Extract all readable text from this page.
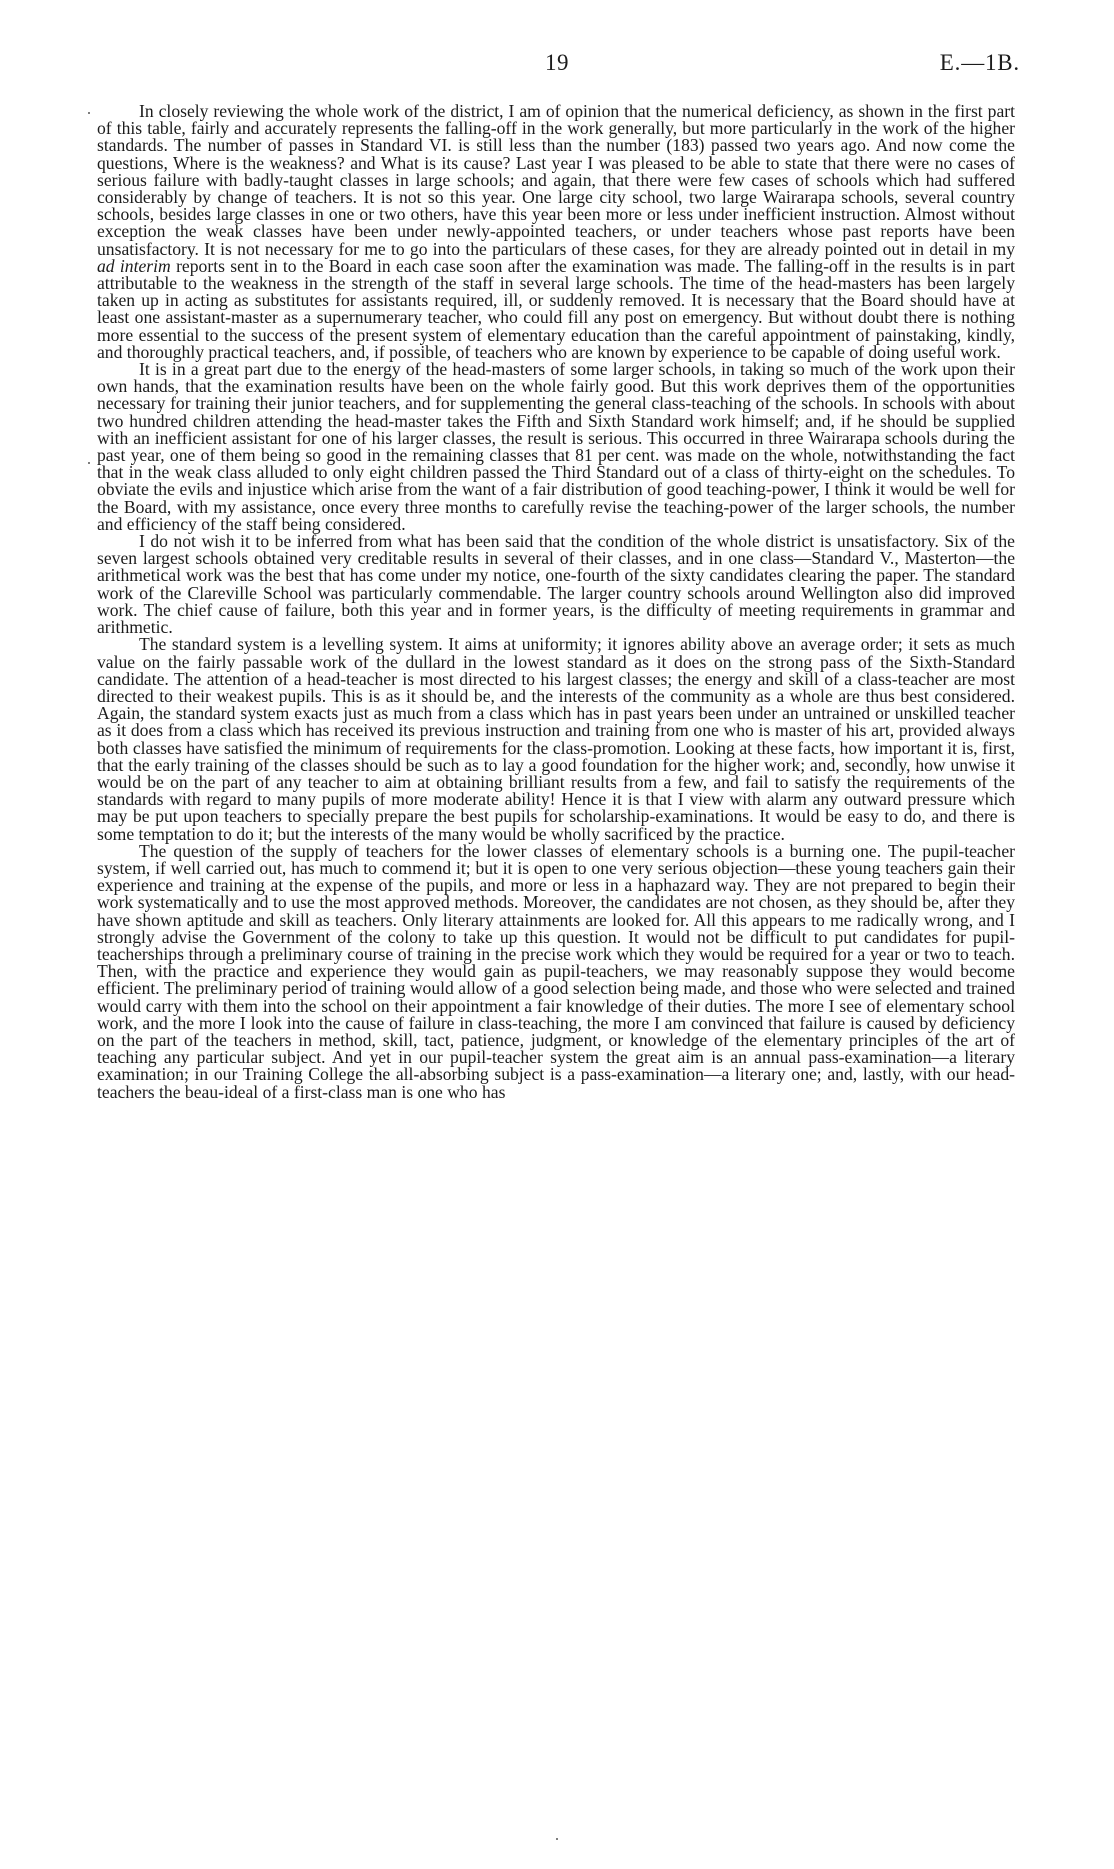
19	E.—1B.

In closely reviewing the whole work of the district, I am of opinion that the numerical deficiency, as shown in the first part of this table, fairly and accurately represents the falling-off in the work generally, but more particularly in the work of the higher standards. The number of passes in Standard VI. is still less than the number (183) passed two years ago. And now come the questions, Where is the weakness? and What is its cause? Last year I was pleased to be able to state that there were no cases of serious failure with badly-taught classes in large schools; and again, that there were few cases of schools which had suffered considerably by change of teachers. It is not so this year. One large city school, two large Wairarapa schools, several country schools, besides large classes in one or two others, have this year been more or less under inefficient instruction. Almost without exception the weak classes have been under newly-appointed teachers, or under teachers whose past reports have been unsatisfactory. It is not necessary for me to go into the particulars of these cases, for they are already pointed out in detail in my ad interim reports sent in to the Board in each case soon after the examination was made. The falling-off in the results is in part attributable to the weakness in the strength of the staff in several large schools. The time of the head-masters has been largely taken up in acting as substitutes for assistants required, ill, or suddenly removed. It is necessary that the Board should have at least one assistant-master as a supernumerary teacher, who could fill any post on emergency. But without doubt there is nothing more essential to the success of the present system of elementary education than the careful appointment of painstaking, kindly, and thoroughly practical teachers, and, if possible, of teachers who are known by experience to be capable of doing useful work.

It is in a great part due to the energy of the head-masters of some larger schools, in taking so much of the work upon their own hands, that the examination results have been on the whole fairly good. But this work deprives them of the opportunities necessary for training their junior teachers, and for supplementing the general class-teaching of the schools. In schools with about two hundred children attending the head-master takes the Fifth and Sixth Standard work himself; and, if he should be supplied with an inefficient assistant for one of his larger classes, the result is serious. This occurred in three Wairarapa schools during the past year, one of them being so good in the remaining classes that 81 per cent. was made on the whole, notwithstanding the fact that in the weak class alluded to only eight children passed the Third Standard out of a class of thirty-eight on the schedules. To obviate the evils and injustice which arise from the want of a fair distribution of good teaching-power, I think it would be well for the Board, with my assistance, once every three months to carefully revise the teaching-power of the larger schools, the number and efficiency of the staff being considered.

I do not wish it to be inferred from what has been said that the condition of the whole district is unsatisfactory. Six of the seven largest schools obtained very creditable results in several of their classes, and in one class—Standard V., Masterton—the arithmetical work was the best that has come under my notice, one-fourth of the sixty candidates clearing the paper. The standard work of the Clareville School was particularly commendable. The larger country schools around Wellington also did improved work. The chief cause of failure, both this year and in former years, is the difficulty of meeting requirements in grammar and arithmetic.

The standard system is a levelling system. It aims at uniformity; it ignores ability above an average order; it sets as much value on the fairly passable work of the dullard in the lowest standard as it does on the strong pass of the Sixth-Standard candidate. The attention of a head-teacher is most directed to his largest classes; the energy and skill of a class-teacher are most directed to their weakest pupils. This is as it should be, and the interests of the community as a whole are thus best considered. Again, the standard system exacts just as much from a class which has in past years been under an untrained or unskilled teacher as it does from a class which has received its previous instruction and training from one who is master of his art, provided always both classes have satisfied the minimum of requirements for the class-promotion. Looking at these facts, how important it is, first, that the early training of the classes should be such as to lay a good foundation for the higher work; and, secondly, how unwise it would be on the part of any teacher to aim at obtaining brilliant results from a few, and fail to satisfy the requirements of the standards with regard to many pupils of more moderate ability! Hence it is that I view with alarm any outward pressure which may be put upon teachers to specially prepare the best pupils for scholarship-examinations. It would be easy to do, and there is some temptation to do it; but the interests of the many would be wholly sacrificed by the practice.

The question of the supply of teachers for the lower classes of elementary schools is a burning one. The pupil-teacher system, if well carried out, has much to commend it; but it is open to one very serious objection—these young teachers gain their experience and training at the expense of the pupils, and more or less in a haphazard way. They are not prepared to begin their work systematically and to use the most approved methods. Moreover, the candidates are not chosen, as they should be, after they have shown aptitude and skill as teachers. Only literary attainments are looked for. All this appears to me radically wrong, and I strongly advise the Government of the colony to take up this question. It would not be difficult to put candidates for pupil-teacherships through a preliminary course of training in the precise work which they would be required for a year or two to teach. Then, with the practice and experience they would gain as pupil-teachers, we may reasonably suppose they would become efficient. The preliminary period of training would allow of a good selection being made, and those who were selected and trained would carry with them into the school on their appointment a fair knowledge of their duties. The more I see of elementary school work, and the more I look into the cause of failure in class-teaching, the more I am convinced that failure is caused by deficiency on the part of the teachers in method, skill, tact, patience, judgment, or knowledge of the elementary principles of the art of teaching any particular subject. And yet in our pupil-teacher system the great aim is an annual pass-examination—a literary examination; in our Training College the all-absorbing subject is a pass-examination—a literary one; and, lastly, with our head-teachers the beau-ideal of a first-class man is one who has
